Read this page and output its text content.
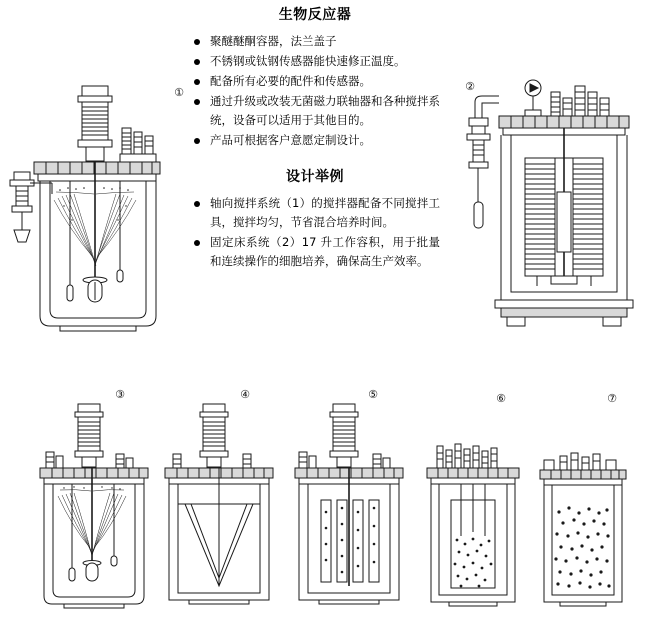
生物反应器
聚醚醚酮容器，法兰盖子
不锈钢或钛钢传感器能快速修正温度。
配备所有必要的配件和传感器。
通过升级或改装无菌磁力联轴器和各种搅拌系统，设备可以适用于其他目的。
产品可根据客户意愿定制设计。
设计举例
轴向搅拌系统（1）的搅拌器配备不同搅拌工具，搅拌均匀，节省混合培养时间。
固定床系统（2）17 升工作容积，用于批量和连续操作的细胞培养，确保高生产效率。
①	②
③	④	⑤	⑥	⑦
